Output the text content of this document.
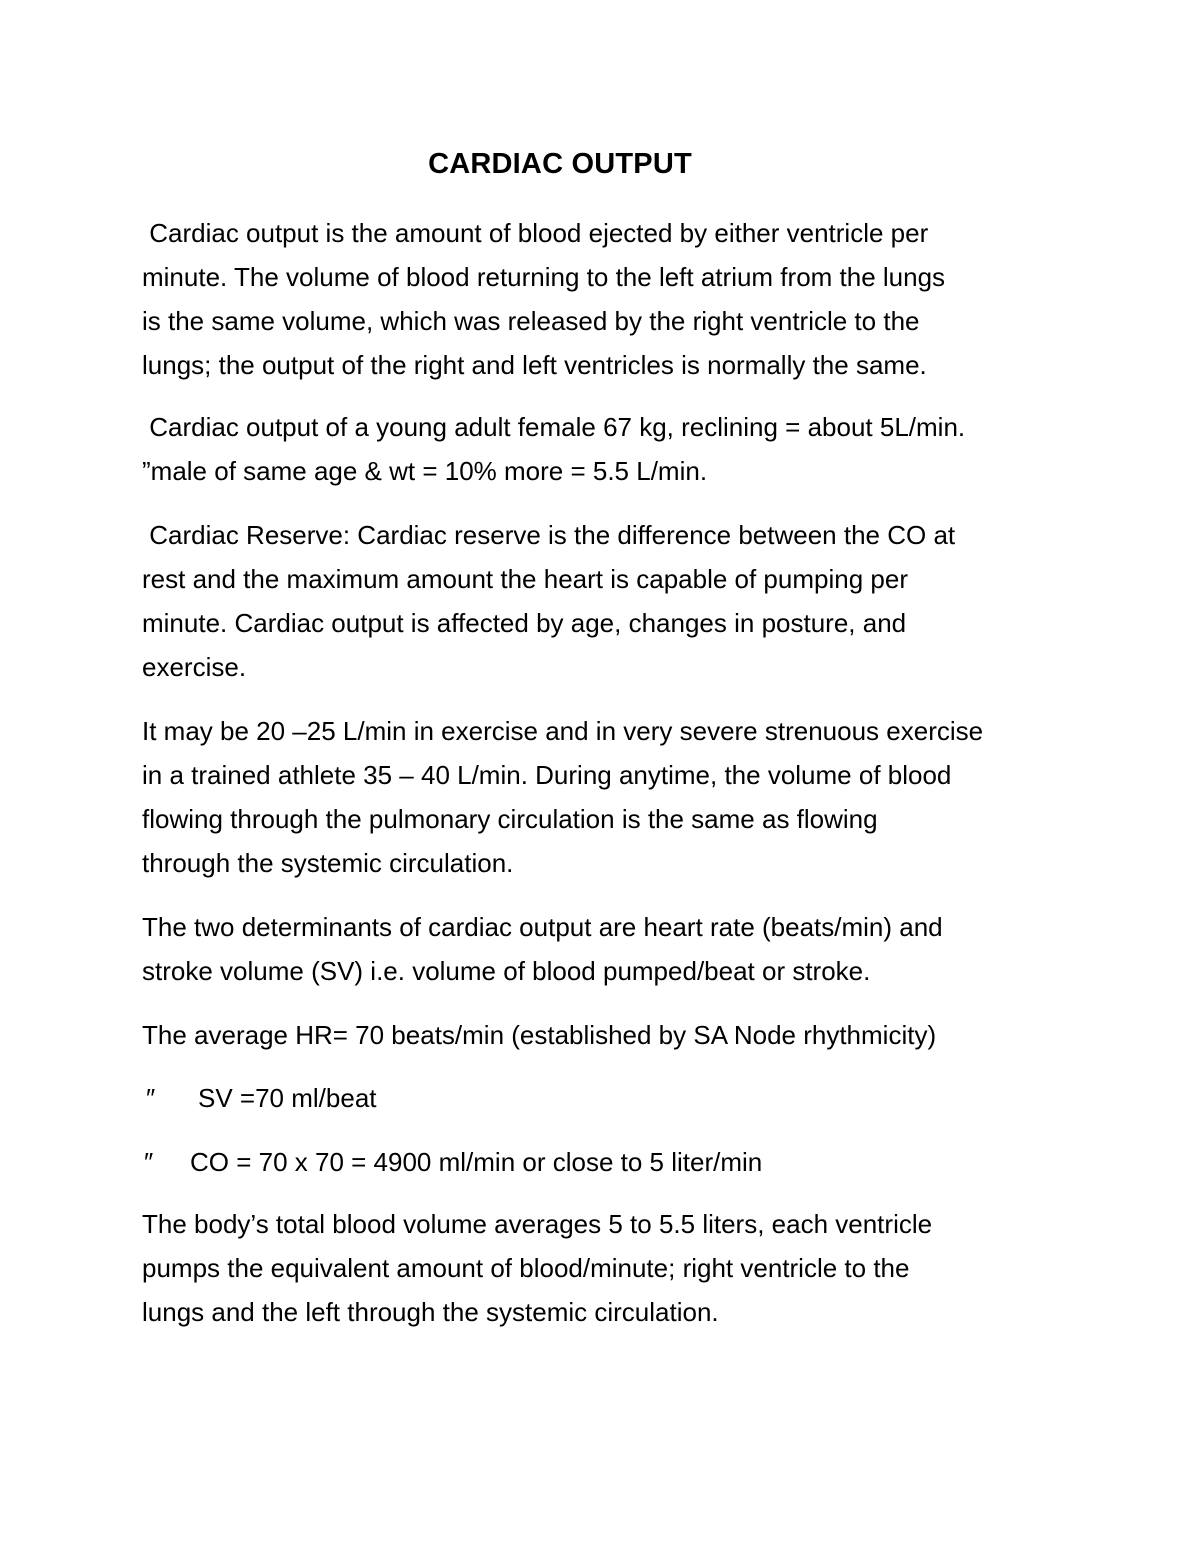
CARDIAC OUTPUT
Cardiac output is the amount of blood ejected by either ventricle per
minute. The volume of blood returning to the left atrium from the lungs
is the same volume, which was released by the right ventricle to the
lungs; the output of the right and left ventricles is normally the same.
Cardiac output of a young adult female 67 kg, reclining = about 5L/min.
”male of same age & wt = 10% more = 5.5 L/min.
Cardiac Reserve: Cardiac reserve is the difference between the CO at
rest and the maximum amount the heart is capable of pumping per
minute. Cardiac output is affected by age, changes in posture, and
exercise.
It may be 20 –25 L/min in exercise and in very severe strenuous exercise
in a trained athlete 35 – 40 L/min. During anytime, the volume of blood
flowing through the pulmonary circulation is the same as flowing
through the systemic circulation.
The two determinants of cardiac output are heart rate (beats/min) and
stroke volume (SV) i.e. volume of blood pumped/beat or stroke.
The average HR= 70 beats/min (established by SA Node rhythmicity)
″ SV =70 ml/beat
″ CO = 70 x 70 = 4900 ml/min or close to 5 liter/min
The body’s total blood volume averages 5 to 5.5 liters, each ventricle
pumps the equivalent amount of blood/minute; right ventricle to the
lungs and the left through the systemic circulation.
